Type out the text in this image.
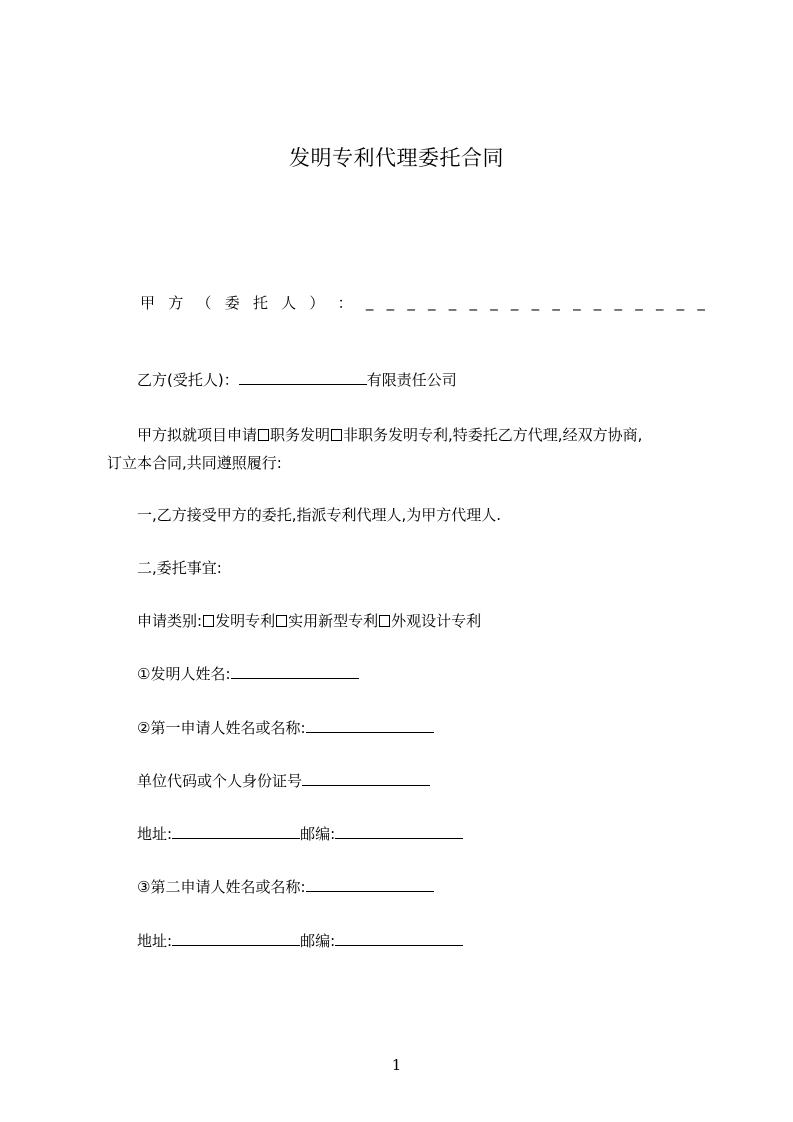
发明专利代理委托合同
甲 方 （ 委 托 人 ） ： _ _ _ _ _ _ _ _ _ _ _ _ _ _ _ _ _
乙方(受托人)：	有限责任公司
甲方拟就项目申请 职务发明 非职务发明专利,特委托乙方代理,经双方协商,
订立本合同,共同遵照履行:
一,乙方接受甲方的委托,指派专利代理人,为甲方代理人.
二,委托事宜:
申请类别: 发明专利 实用新型专利 外观设计专利
①发明人姓名:
②第一申请人姓名或名称:
单位代码或个人身份证号
地址:	邮编:
③第二申请人姓名或名称:
地址:	邮编:
1
